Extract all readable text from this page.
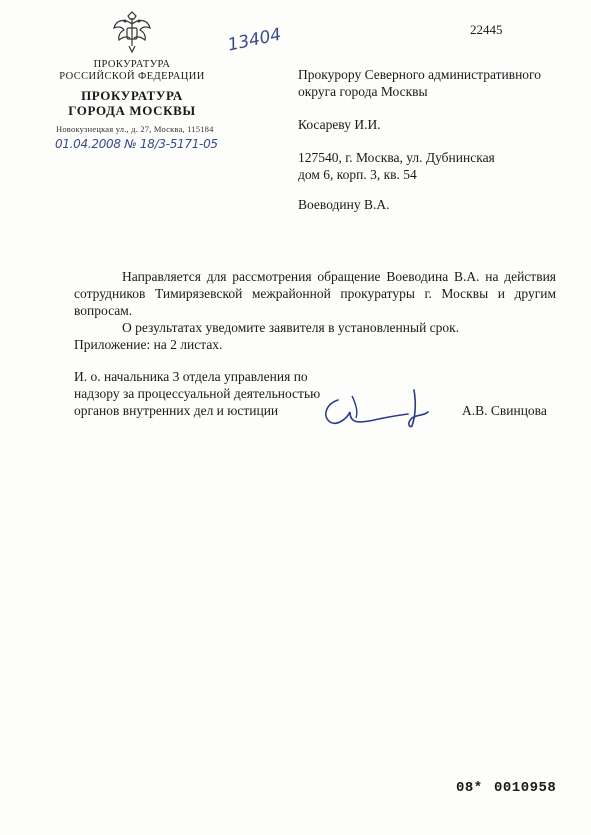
ПРОКУРАТУРА
РОССИЙСКОЙ ФЕДЕРАЦИИ
ПРОКУРАТУРА
ГОРОДА МОСКВЫ
Новокузнецкая ул., д. 27, Москва, 115184
01.04.2008 № 18/3-5171-05
13404	22445
Прокурору Северного административного
округа города Москвы
Косареву И.И.
127540, г. Москва, ул. Дубнинская
дом 6, корп. 3, кв. 54
Воеводину В.А.
Направляется для рассмотрения обращение Воеводина В.А. на действия сотрудников Тимирязевской межрайонной прокуратуры г. Москвы и другим вопросам.
О результатах уведомите заявителя в установленный срок.
Приложение: на 2 листах.
И. о. начальника 3 отдела управления по
надзору за процессуальной деятельностью
органов внутренних дел и юстиции	А.В. Свинцова
08* 0010958
